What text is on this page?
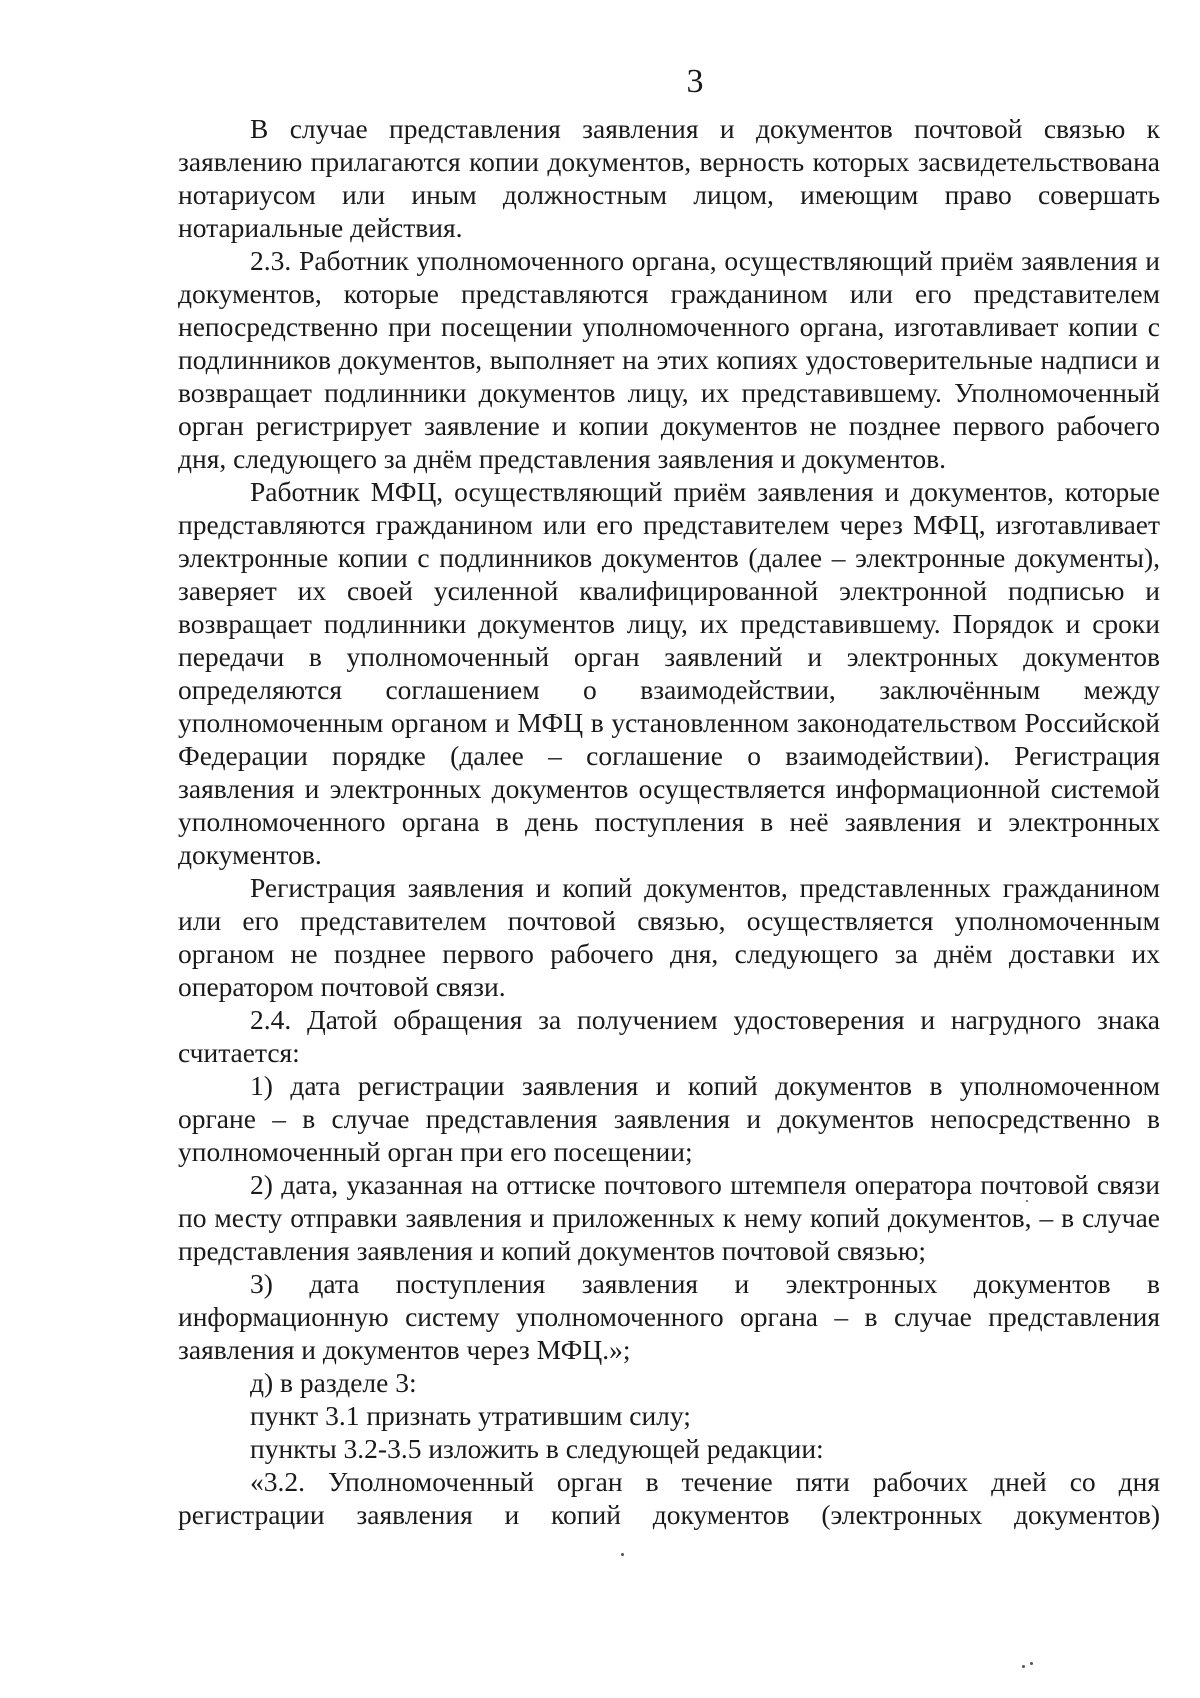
3

В случае представления заявления и документов почтовой связью к заявлению прилагаются копии документов, верность которых засвидетельствована нотариусом или иным должностным лицом, имеющим право совершать нотариальные действия.

2.3. Работник уполномоченного органа, осуществляющий приём заявления и документов, которые представляются гражданином или его представителем непосредственно при посещении уполномоченного органа, изготавливает копии с подлинников документов, выполняет на этих копиях удостоверительные надписи и возвращает подлинники документов лицу, их представившему. Уполномоченный орган регистрирует заявление и копии документов не позднее первого рабочего дня, следующего за днём представления заявления и документов.

Работник МФЦ, осуществляющий приём заявления и документов, которые представляются гражданином или его представителем через МФЦ, изготавливает электронные копии с подлинников документов (далее – электронные документы), заверяет их своей усиленной квалифицированной электронной подписью и возвращает подлинники документов лицу, их представившему. Порядок и сроки передачи в уполномоченный орган заявлений и электронных документов определяются соглашением о взаимодействии, заключённым между уполномоченным органом и МФЦ в установленном законодательством Российской Федерации порядке (далее – соглашение о взаимодействии). Регистрация заявления и электронных документов осуществляется информационной системой уполномоченного органа в день поступления в неё заявления и электронных документов.

Регистрация заявления и копий документов, представленных гражданином или его представителем почтовой связью, осуществляется уполномоченным органом не позднее первого рабочего дня, следующего за днём доставки их оператором почтовой связи.

2.4. Датой обращения за получением удостоверения и нагрудного знака считается:

1) дата регистрации заявления и копий документов в уполномоченном органе – в случае представления заявления и документов непосредственно в уполномоченный орган при его посещении;

2) дата, указанная на оттиске почтового штемпеля оператора почтовой связи по месту отправки заявления и приложенных к нему копий документов, – в случае представления заявления и копий документов почтовой связью;

3) дата поступления заявления и электронных документов в информационную систему уполномоченного органа – в случае представления заявления и документов через МФЦ.»;

д) в разделе 3:

пункт 3.1 признать утратившим силу;

пункты 3.2-3.5 изложить в следующей редакции:

«3.2. Уполномоченный орган в течение пяти рабочих дней со дня регистрации заявления и копий документов (электронных документов)
